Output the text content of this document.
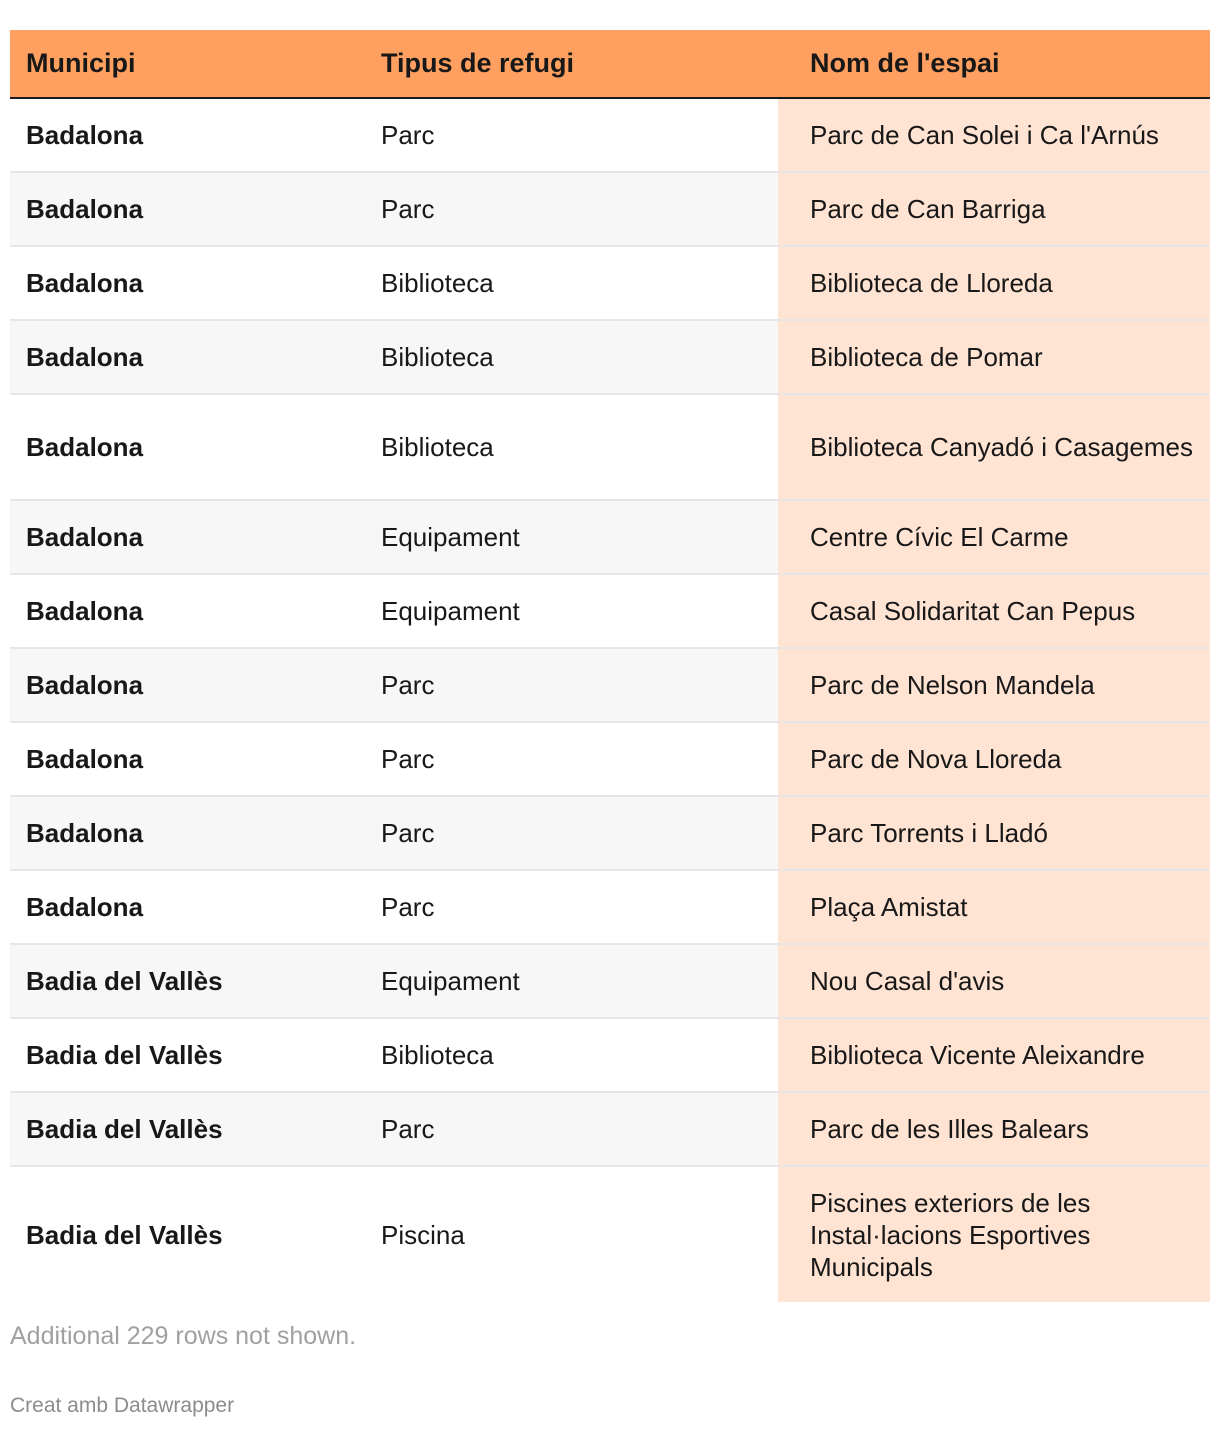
Municipi	Tipus de refugi	Nom de l'espai
Badalona	Parc	Parc de Can Solei i Ca l'Arnús
Badalona	Parc	Parc de Can Barriga
Badalona	Biblioteca	Biblioteca de Lloreda
Badalona	Biblioteca	Biblioteca de Pomar
Badalona	Biblioteca	Biblioteca Canyadó i Casagemes
Badalona	Equipament	Centre Cívic El Carme
Badalona	Equipament	Casal Solidaritat Can Pepus
Badalona	Parc	Parc de Nelson Mandela
Badalona	Parc	Parc de Nova Lloreda
Badalona	Parc	Parc Torrents i Lladó
Badalona	Parc	Plaça Amistat
Badia del Vallès	Equipament	Nou Casal d'avis
Badia del Vallès	Biblioteca	Biblioteca Vicente Aleixandre
Badia del Vallès	Parc	Parc de les Illes Balears
Badia del Vallès	Piscina	Piscines exteriors de les Instal·lacions Esportives Municipals
Additional 229 rows not shown.
Creat amb Datawrapper
